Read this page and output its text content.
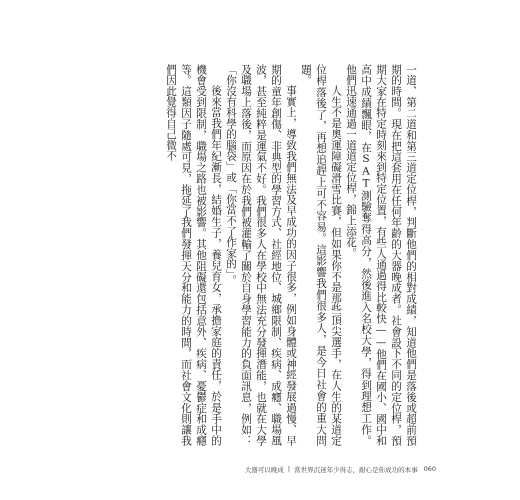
一道、第二道和第三道定位桿，判斷他們的相對成績，知道他們是落後或超前預期的時間。現在把這套用在任何年齡的大器晚成者。社會設下不同的定位桿，預期大家在特定時刻來到特定位置，有些人通過得比較快——他們在國小、國中和高中成績飄眼，在SAT測驗奪得高分，然後進入名校大學，得到理想工作。他們迅速通過一道道定位桿，錦上添花。

人生不是奧運障礙滑雪比賽，但如果你不是那些頂尖選手，在人生的某道定位桿落後了，再想追趕上可不容易。這影響我們很多人，是今日社會的重大問題。

事實上，導致我們無法及早成功的因子很多，例如身體或神經發展過慢、早期的童年創傷、非典型的學習方式、社經地位、城鄉限制、疾病、成癮、職場風波，甚至純粹是運氣不好。我們很多人在學校中無法充分發揮潛能，也就在大學及職場上落後，而原因在於我們被灌輸了關於自身學習能力的負面訊息，例如：「你沒有科學的腦袋」或「你當不了作家的」。

後來當我們年紀漸長，結婚生子，養兒育女，承擔家庭的責任，於是手中的機會受到限制，職場之路也被影響。其他阻礙還包括意外、疾病、憂鬱症和成癮等。這類因子隨處可見，拖延了我們發揮天分和能力的時間，而社會文化則讓我們因此覺得自己微不

大器可以晚成 | 當世界沉迷年少得志，耐心是你成功的本事 060
